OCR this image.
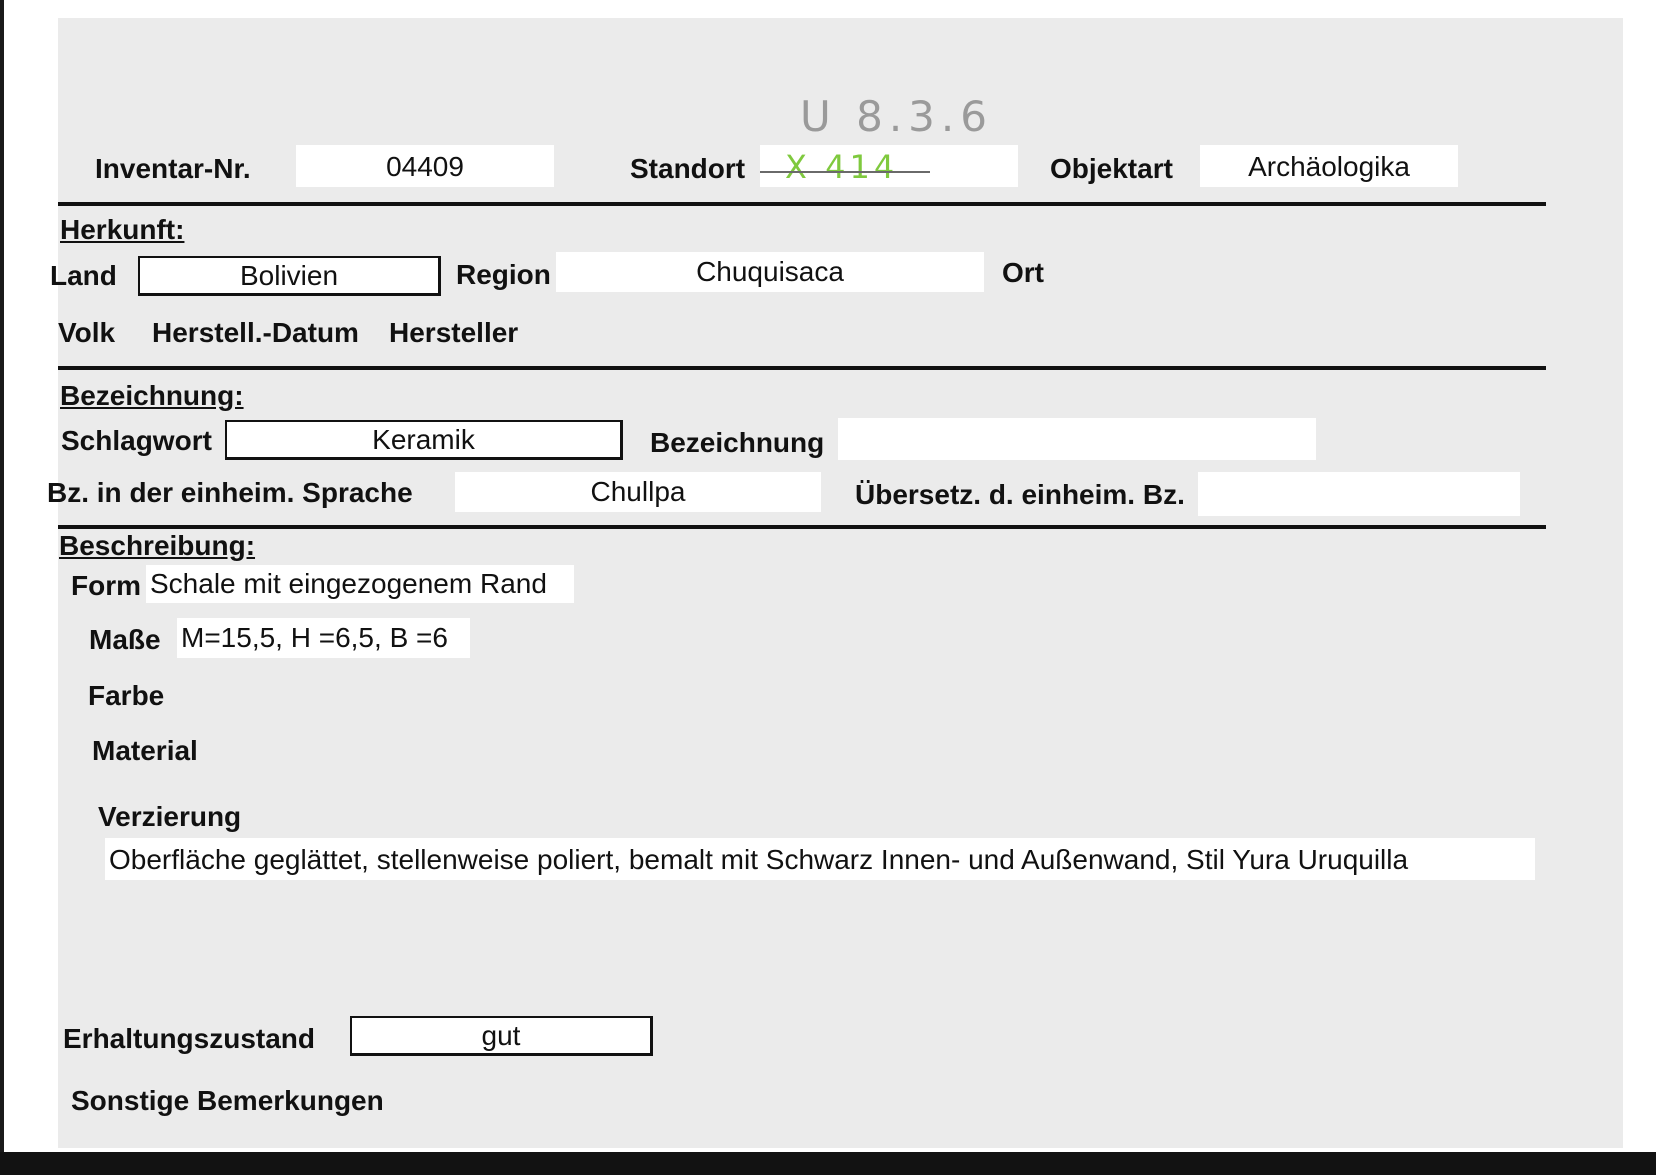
U 8.3.6
Inventar-Nr.	04409	Standort X 414	Objektart	Archäologika
Herkunft:
Land	Bolivien	Region	Chuquisaca	Ort
Volk Herstell.-Datum Hersteller
Bezeichnung:
Schlagwort	Keramik	Bezeichnung
Bz. in der einheim. Sprache	Chullpa	Übersetz. d. einheim. Bz.
Beschreibung:
Form Schale mit eingezogenem Rand
Maße M=15,5, H =6,5, B =6
Farbe
Material
Verzierung
Oberfläche geglättet, stellenweise poliert, bemalt mit Schwarz Innen- und Außenwand, Stil Yura Uruquilla
Erhaltungszustand	gut
Sonstige Bemerkungen
